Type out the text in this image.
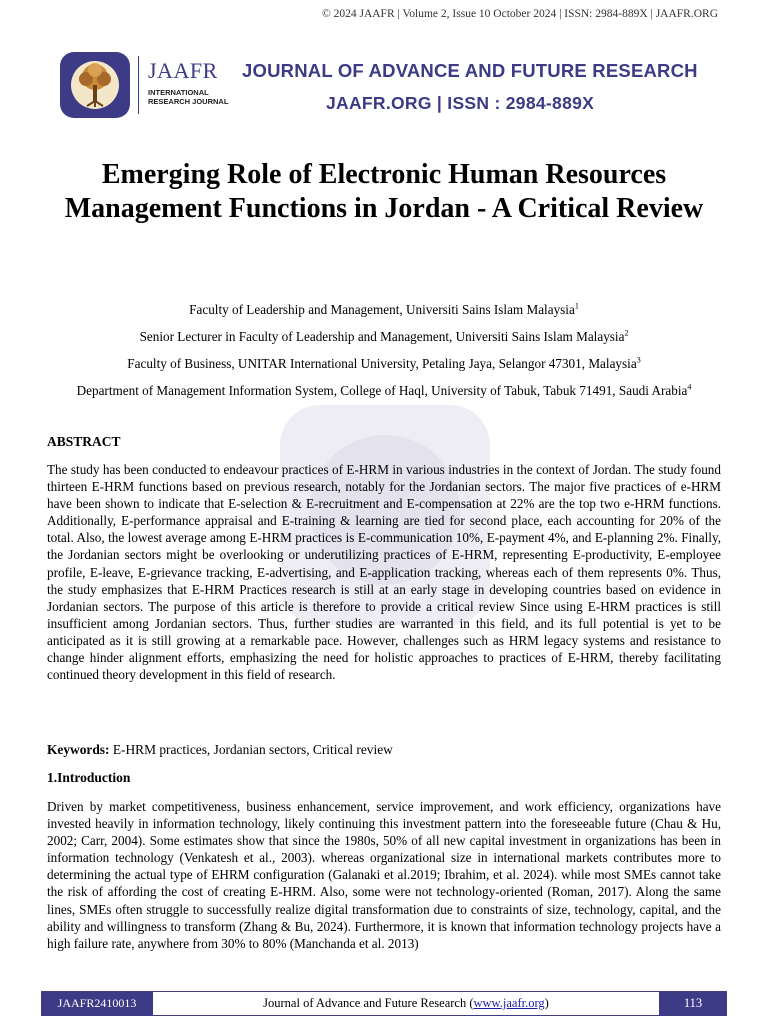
© 2024 JAAFR | Volume 2, Issue 10 October 2024 | ISSN: 2984-889X | JAAFR.ORG
JAAFR
INTERNATIONAL
RESEARCH JOURNAL
JOURNAL OF ADVANCE AND FUTURE RESEARCH
JAAFR.ORG | ISSN : 2984-889X
Emerging Role of Electronic Human Resources Management Functions in Jordan - A Critical Review
Faculty of Leadership and Management, Universiti Sains Islam Malaysia$^1$
Senior Lecturer in Faculty of Leadership and Management, Universiti Sains Islam Malaysia$^2$
Faculty of Business, UNITAR International University, Petaling Jaya, Selangor 47301, Malaysia$^3$
Department of Management Information System, College of Haql, University of Tabuk, Tabuk 71491, Saudi Arabia$^4$
ABSTRACT
The study has been conducted to endeavour practices of E-HRM in various industries in the context of Jordan. The study found thirteen E-HRM functions based on previous research, notably for the Jordanian sectors. The major five practices of e-HRM have been shown to indicate that E-selection & E-recruitment and E-compensation at 22% are the top two e-HRM functions. Additionally, E-performance appraisal and E-training & learning are tied for second place, each accounting for 20% of the total. Also, the lowest average among E-HRM practices is E-communication 10%, E-payment 4%, and E-planning 2%. Finally, the Jordanian sectors might be overlooking or underutilizing practices of E-HRM, representing E-productivity, E-employee profile, E-leave, E-grievance tracking, E-advertising, and E-application tracking, whereas each of them represents 0%. Thus, the study emphasizes that E-HRM Practices research is still at an early stage in developing countries based on evidence in Jordanian sectors. The purpose of this article is therefore to provide a critical review Since using E-HRM practices is still insufficient among Jordanian sectors. Thus, further studies are warranted in this field, and its full potential is yet to be anticipated as it is still growing at a remarkable pace. However, challenges such as HRM legacy systems and resistance to change hinder alignment efforts, emphasizing the need for holistic approaches to practices of E-HRM, thereby facilitating continued theory development in this field of research.
Keywords: E-HRM practices, Jordanian sectors, Critical review
1.Introduction
Driven by market competitiveness, business enhancement, service improvement, and work efficiency, organizations have invested heavily in information technology, likely continuing this investment pattern into the foreseeable future (Chau & Hu, 2002; Carr, 2004). Some estimates show that since the 1980s, 50% of all new capital investment in organizations has been in information technology (Venkatesh et al., 2003). whereas organizational size in international markets contributes more to determining the actual type of EHRM configuration (Galanaki et al.2019; Ibrahim, et al. 2024). while most SMEs cannot take the risk of affording the cost of creating E-HRM. Also, some were not technology-oriented (Roman, 2017). Along the same lines, SMEs often struggle to successfully realize digital transformation due to constraints of size, technology, capital, and the ability and willingness to transform (Zhang & Bu, 2024). Furthermore, it is known that information technology projects have a high failure rate, anywhere from 30% to 80% (Manchanda et al. 2013)
JAAFR2410013	Journal of Advance and Future Research ( www.jaafr.org )	113
